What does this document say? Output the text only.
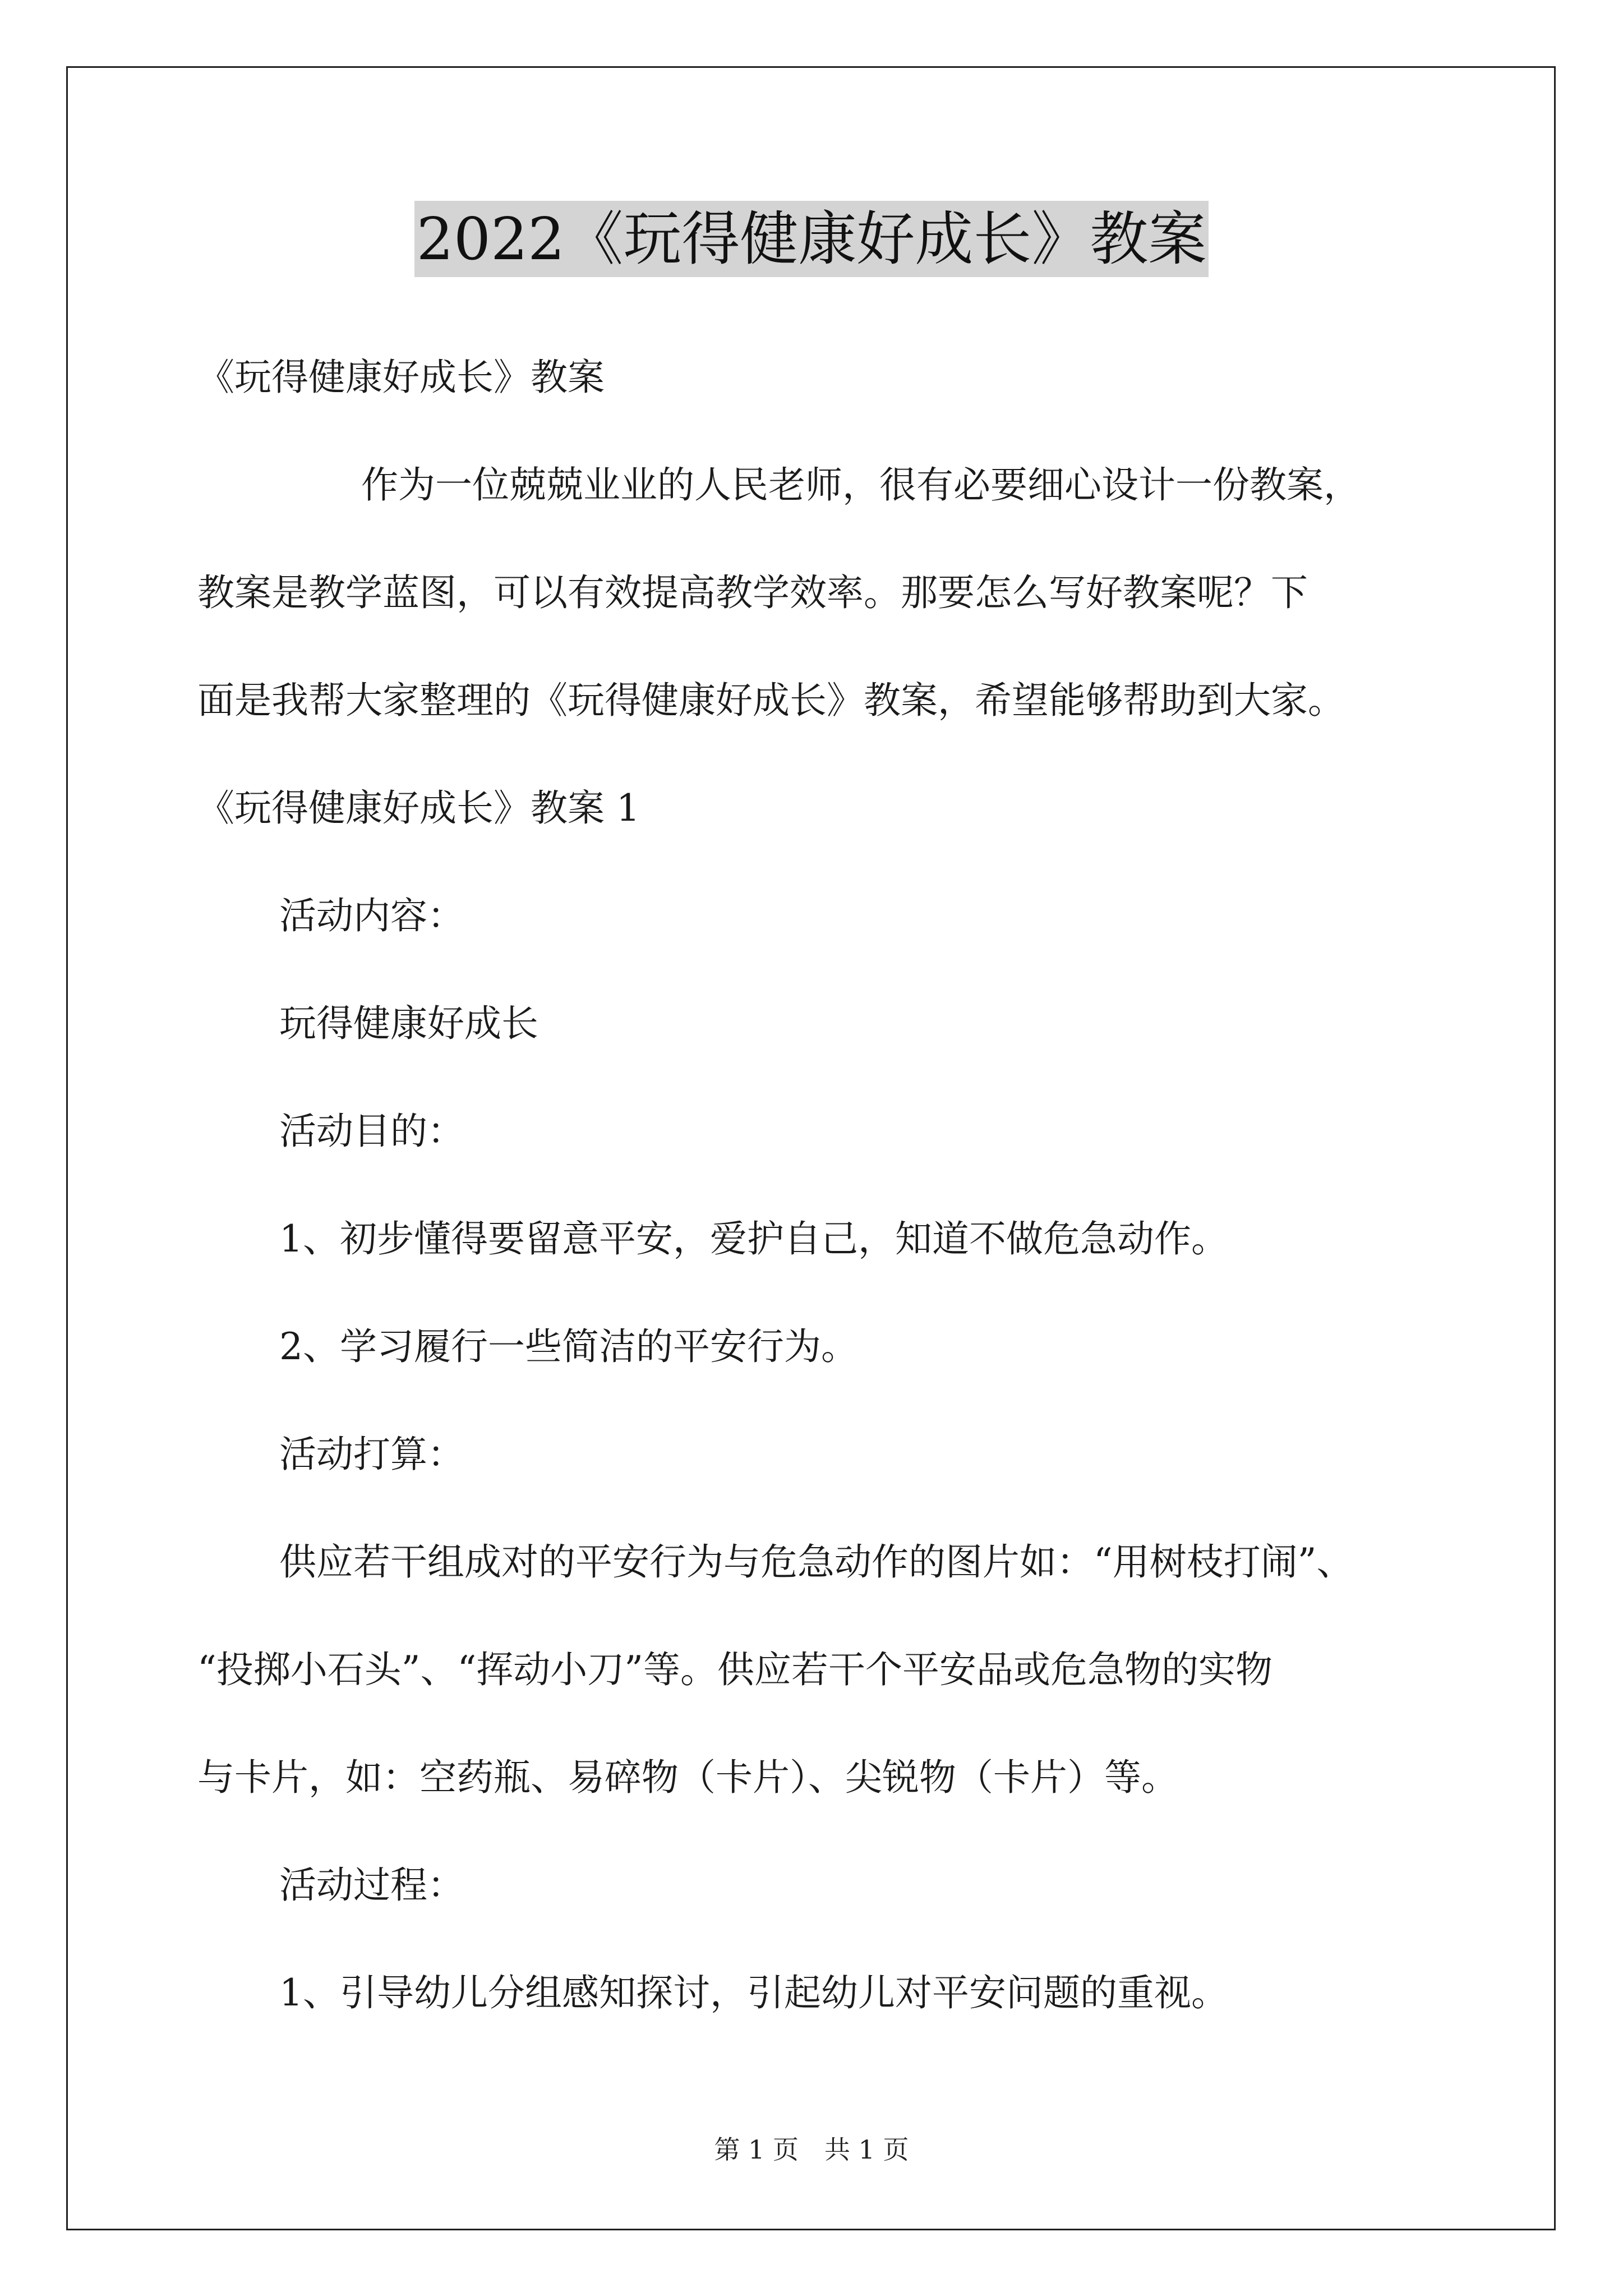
2022《玩得健康好成长》教案
《玩得健康好成长》教案
作为一位兢兢业业的人民老师，很有必要细心设计一份教案，
教案是教学蓝图，可以有效提高教学效率。那要怎么写好教案呢？下
面是我帮大家整理的《玩得健康好成长》教案，希望能够帮助到大家。
《玩得健康好成长》教案 1
活动内容：
玩得健康好成长
活动目的：
1、初步懂得要留意平安，爱护自己，知道不做危急动作。
2、学习履行一些简洁的平安行为。
活动打算：
供应若干组成对的平安行为与危急动作的图片如：“用树枝打闹”、
“投掷小石头”、“挥动小刀”等。供应若干个平安品或危急物的实物
与卡片，如：空药瓶、易碎物（卡片）、尖锐物（卡片）等。
活动过程：
1、引导幼儿分组感知探讨，引起幼儿对平安问题的重视。
第 1 页　共 1 页
